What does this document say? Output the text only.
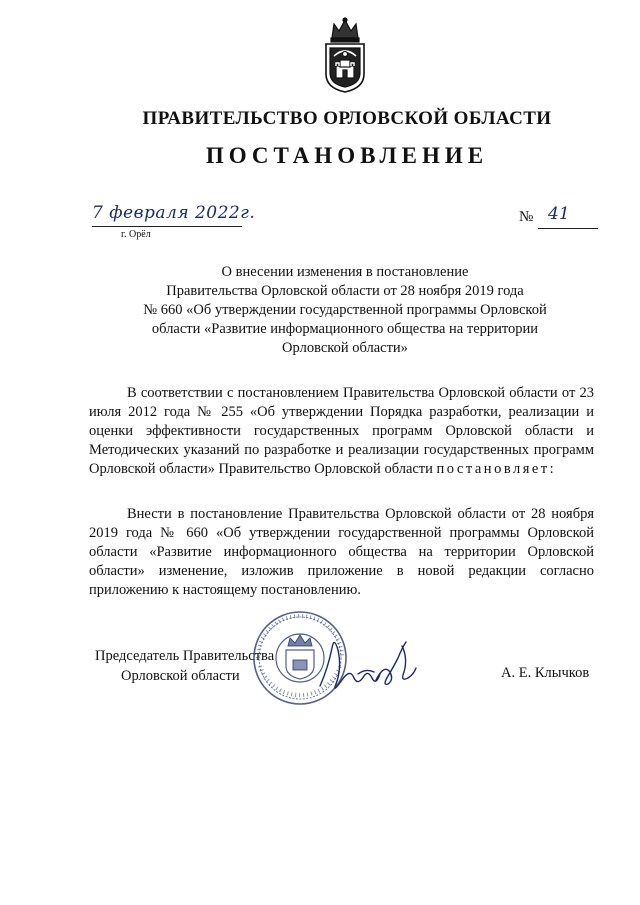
ПРАВИТЕЛЬСТВО ОРЛОВСКОЙ ОБЛАСТИ
ПОСТАНОВЛЕНИЕ
7 февраля 2022г.
г. Орёл
№ 41
О внесении изменения в постановление
Правительства Орловской области от 28 ноября 2019 года
№ 660 «Об утверждении государственной программы Орловской
области «Развитие информационного общества на территории
Орловской области»
В соответствии с постановлением Правительства Орловской области от 23 июля 2012 года № 255 «Об утверждении Порядка разработки, реализации и оценки эффективности государственных программ Орловской области и Методических указаний по разработке и реализации государственных программ Орловской области» Правительство Орловской области постановляет:
Внести в постановление Правительства Орловской области от 28 ноября 2019 года № 660 «Об утверждении государственной программы Орловской области «Развитие информационного общества на территории Орловской области» изменение, изложив приложение в новой редакции согласно приложению к настоящему постановлению.
Председатель Правительства
Орловской области	А. Е. Клычков
